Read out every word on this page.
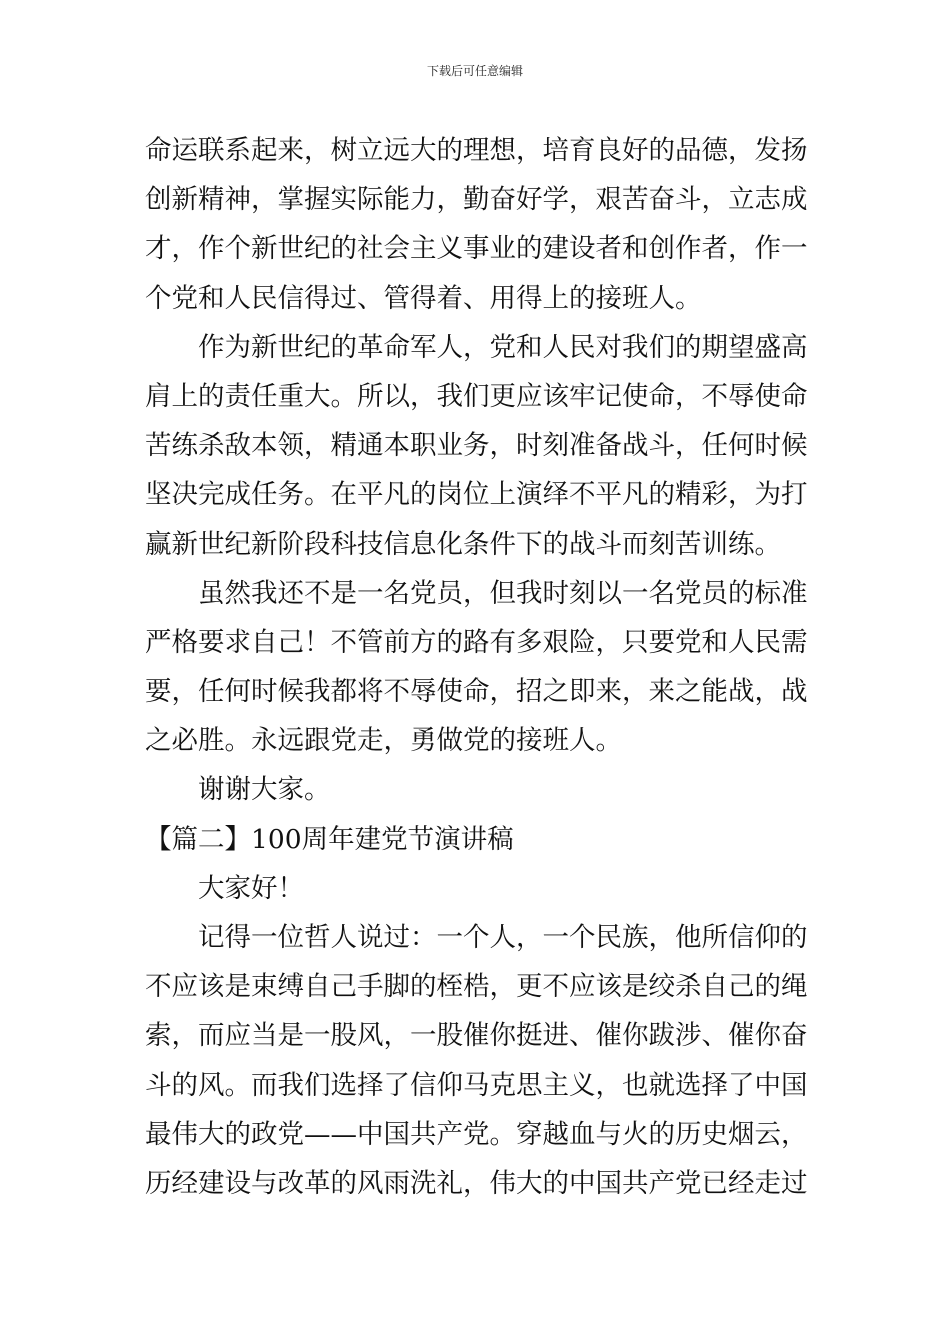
下载后可任意编辑
命运联系起来，树立远大的理想，培育良好的品德，发扬
创新精神，掌握实际能力，勤奋好学，艰苦奋斗，立志成
才，作个新世纪的社会主义事业的建设者和创作者，作一
个党和人民信得过、管得着、用得上的接班人。
作为新世纪的革命军人，党和人民对我们的期望盛高
肩上的责任重大。所以，我们更应该牢记使命，不辱使命
苦练杀敌本领，精通本职业务，时刻准备战斗，任何时候
坚决完成任务。在平凡的岗位上演绎不平凡的精彩，为打
赢新世纪新阶段科技信息化条件下的战斗而刻苦训练。
虽然我还不是一名党员，但我时刻以一名党员的标准
严格要求自己！不管前方的路有多艰险，只要党和人民需
要，任何时候我都将不辱使命，招之即来，来之能战，战
之必胜。永远跟党走，勇做党的接班人。
谢谢大家。
【篇二】100周年建党节演讲稿
大家好！
记得一位哲人说过：一个人，一个民族，他所信仰的
不应该是束缚自己手脚的桎梏，更不应该是绞杀自己的绳
索，而应当是一股风，一股催你挺进、催你跋涉、催你奋
斗的风。而我们选择了信仰马克思主义，也就选择了中国
最伟大的政党——中国共产党。穿越血与火的历史烟云，
历经建设与改革的风雨洗礼，伟大的中国共产党已经走过
